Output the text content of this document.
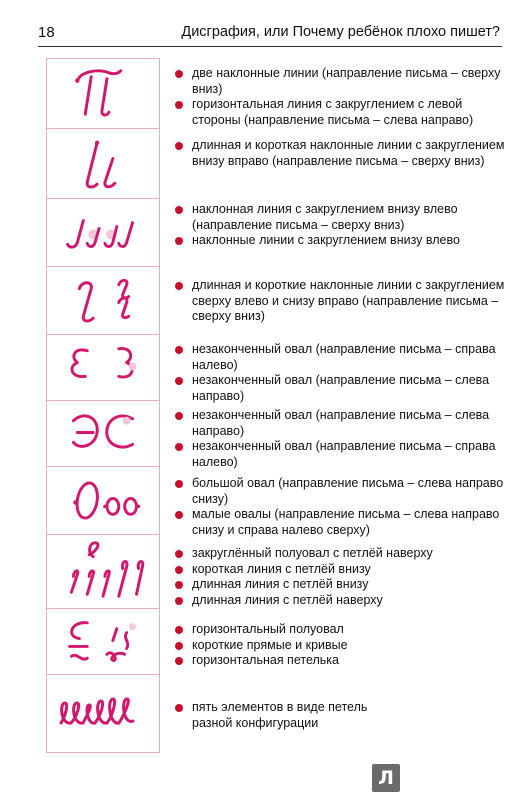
18	Дисграфия, или Почему ребёнок плохо пишет?
две наклонные линии (направление письма – сверху вниз)
горизонтальная линия с закруглением с левой стороны (направление письма – слева направо)
длинная и короткая наклонные линии с закруглением внизу вправо (направление письма – сверху вниз)
наклонная линия с закруглением внизу влево (направление письма – сверху вниз)
наклонные линии с закруглением внизу влево
длинная и короткие наклонные линии с закруглением сверху влево и снизу вправо (направление письма – сверху вниз)
незаконченный овал (направление письма – справа налево)
незаконченный овал (направление письма – слева направо)
незаконченный овал (направление письма – слева направо)
незаконченный овал (направление письма – справа налево)
большой овал (направление письма – слева направо снизу)
малые овалы (направление письма – слева направо снизу и справа налево сверху)
закруглённый полуовал с петлёй наверху
короткая линия с петлёй внизу
длинная линия с петлёй внизу
длинная линия с петлёй наверху
горизонтальный полуовал
короткие прямые и кривые
горизонтальная петелька
пять элементов в виде петель разной конфигурации
Л
